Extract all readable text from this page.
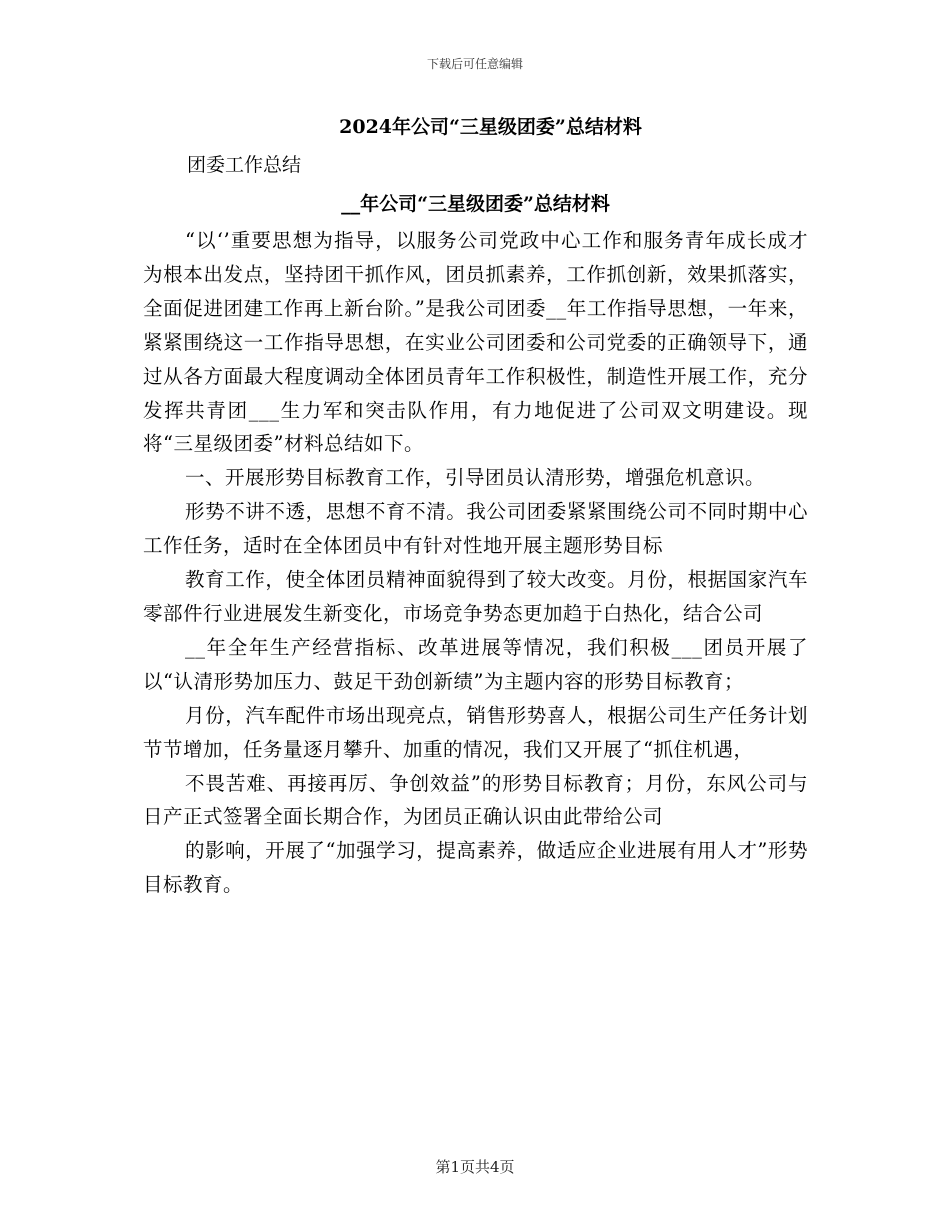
下载后可任意编辑
2024年公司“三星级团委”总结材料
团委工作总结
__年公司“三星级团委”总结材料

“以‘’重要思想为指导，以服务公司党政中心工作和服务青年成长成才为根本出发点，坚持团干抓作风，团员抓素养，工作抓创新，效果抓落实，全面促进团建工作再上新台阶。”是我公司团委__年工作指导思想，一年来，紧紧围绕这一工作指导思想，在实业公司团委和公司党委的正确领导下，通过从各方面最大程度调动全体团员青年工作积极性，制造性开展工作，充分发挥共青团___生力军和突击队作用，有力地促进了公司双文明建设。现将“三星级团委”材料总结如下。

一、开展形势目标教育工作，引导团员认清形势，增强危机意识。

形势不讲不透，思想不育不清。我公司团委紧紧围绕公司不同时期中心工作任务，适时在全体团员中有针对性地开展主题形势目标

教育工作，使全体团员精神面貌得到了较大改变。月份，根据国家汽车零部件行业进展发生新变化，市场竞争势态更加趋于白热化，结合公司

__年全年生产经营指标、改革进展等情况，我们积极___团员开展了以“认清形势加压力、鼓足干劲创新绩”为主题内容的形势目标教育；

月份，汽车配件市场出现亮点，销售形势喜人，根据公司生产任务计划节节增加，任务量逐月攀升、加重的情况，我们又开展了“抓住机遇，

不畏苦难、再接再厉、争创效益”的形势目标教育；月份，东风公司与日产正式签署全面长期合作，为团员正确认识由此带给公司

的影响，开展了“加强学习，提高素养，做适应企业进展有用人才”形势目标教育。

第1页共4页
